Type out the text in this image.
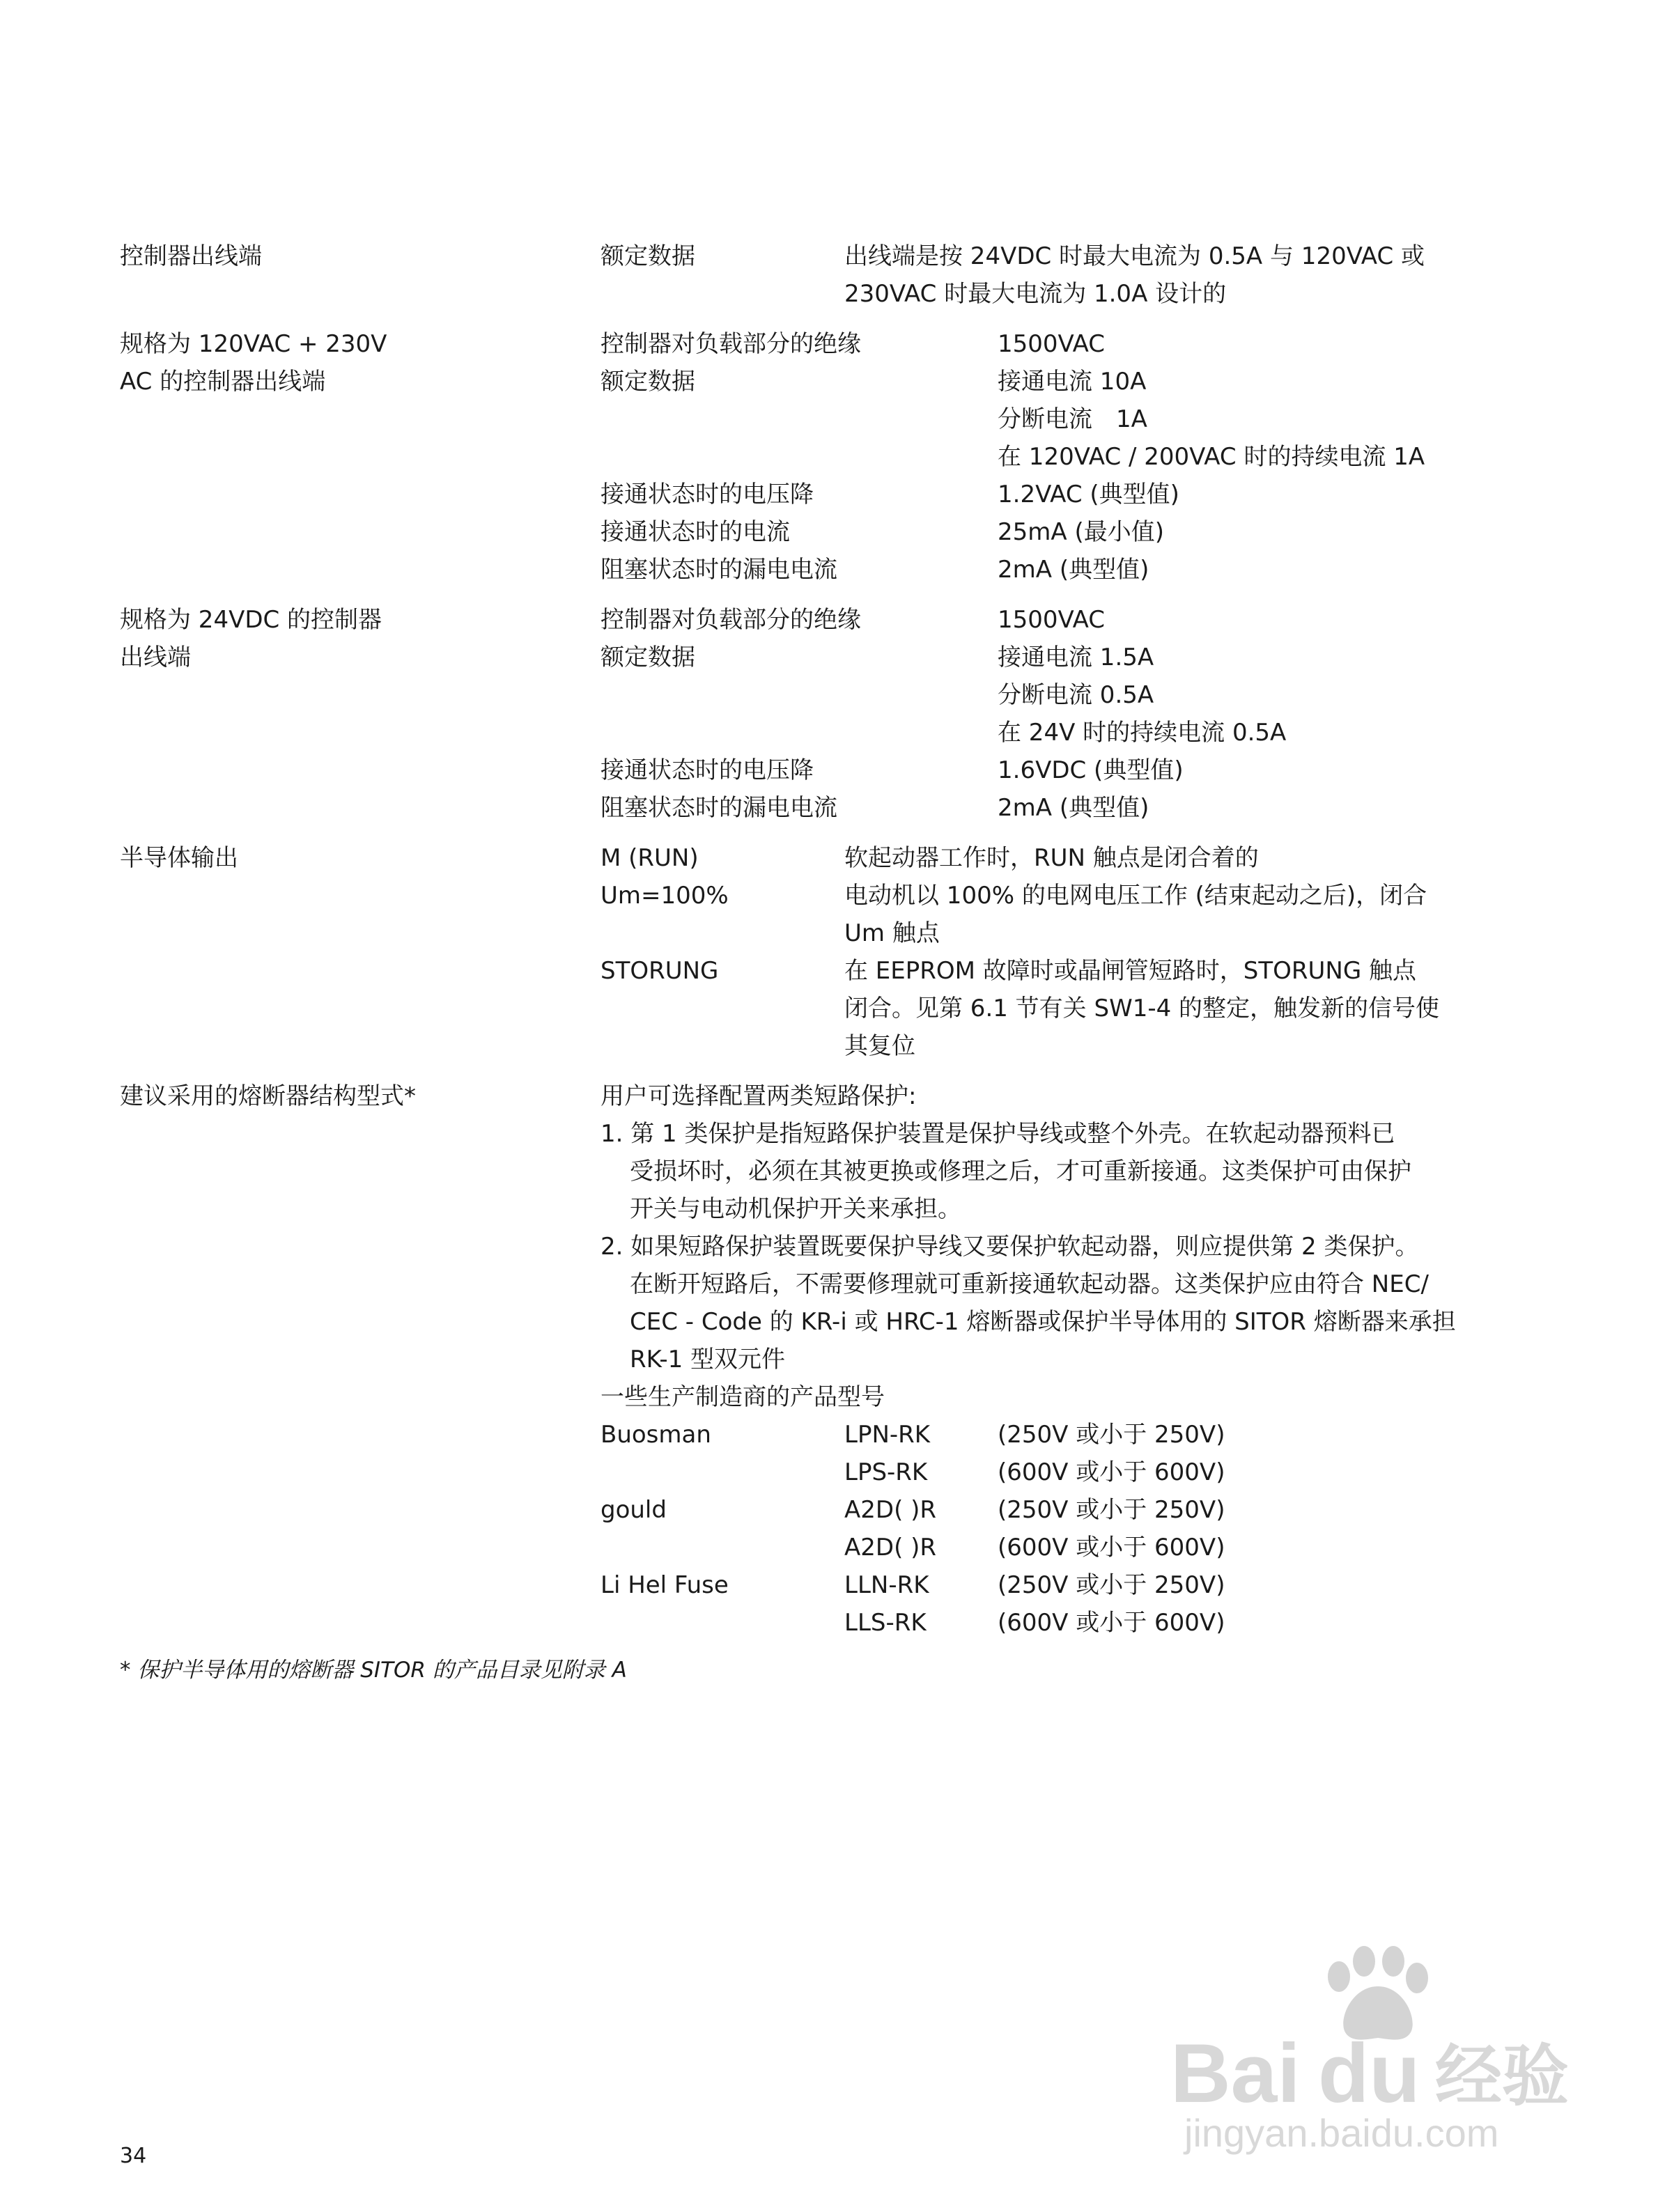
控制器出线端	额定数据	出线端是按 24VDC 时最大电流为 0.5A 与 120VAC 或
230VAC 时最大电流为 1.0A 设计的
规格为 120VAC + 230V
AC 的控制器出线端
控制器对负载部分的绝缘	1500VAC
额定数据	接通电流 10A
分断电流　1A
在 120VAC / 200VAC 时的持续电流 1A
接通状态时的电压降	1.2VAC (典型值)
接通状态时的电流	25mA (最小值)
阻塞状态时的漏电电流	2mA (典型值)
规格为 24VDC 的控制器
出线端
控制器对负载部分的绝缘	1500VAC
额定数据	接通电流 1.5A
分断电流 0.5A
在 24V 时的持续电流 0.5A
接通状态时的电压降	1.6VDC (典型值)
阻塞状态时的漏电电流	2mA (典型值)
半导体输出	M (RUN)	软起动器工作时，RUN 触点是闭合着的
Um=100%	电动机以 100% 的电网电压工作 (结束起动之后)，闭合
Um 触点
STORUNG	在 EEPROM 故障时或晶闸管短路时，STORUNG 触点
闭合。见第 6.1 节有关 SW1-4 的整定，触发新的信号使
其复位
建议采用的熔断器结构型式*	用户可选择配置两类短路保护:
1. 第 1 类保护是指短路保护装置是保护导线或整个外壳。在软起动器预料已
受损坏时，必须在其被更换或修理之后，才可重新接通。这类保护可由保护
开关与电动机保护开关来承担。
2. 如果短路保护装置既要保护导线又要保护软起动器，则应提供第 2 类保护。
在断开短路后，不需要修理就可重新接通软起动器。这类保护应由符合 NEC/
CEC - Code 的 KR-i 或 HRC-1 熔断器或保护半导体用的 SITOR 熔断器来承担
RK-1 型双元件
一些生产制造商的产品型号
Buosman	LPN-RK	(250V 或小于 250V)
LPS-RK	(600V 或小于 600V)
gould	A2D( )R	(250V 或小于 250V)
A2D( )R	(600V 或小于 600V)
Li Hel Fuse	LLN-RK	(250V 或小于 250V)
LLS-RK	(600V 或小于 600V)
* 保护半导体用的熔断器 SITOR 的产品目录见附录 A
34
Bai du 经验
jingyan.baidu.com
